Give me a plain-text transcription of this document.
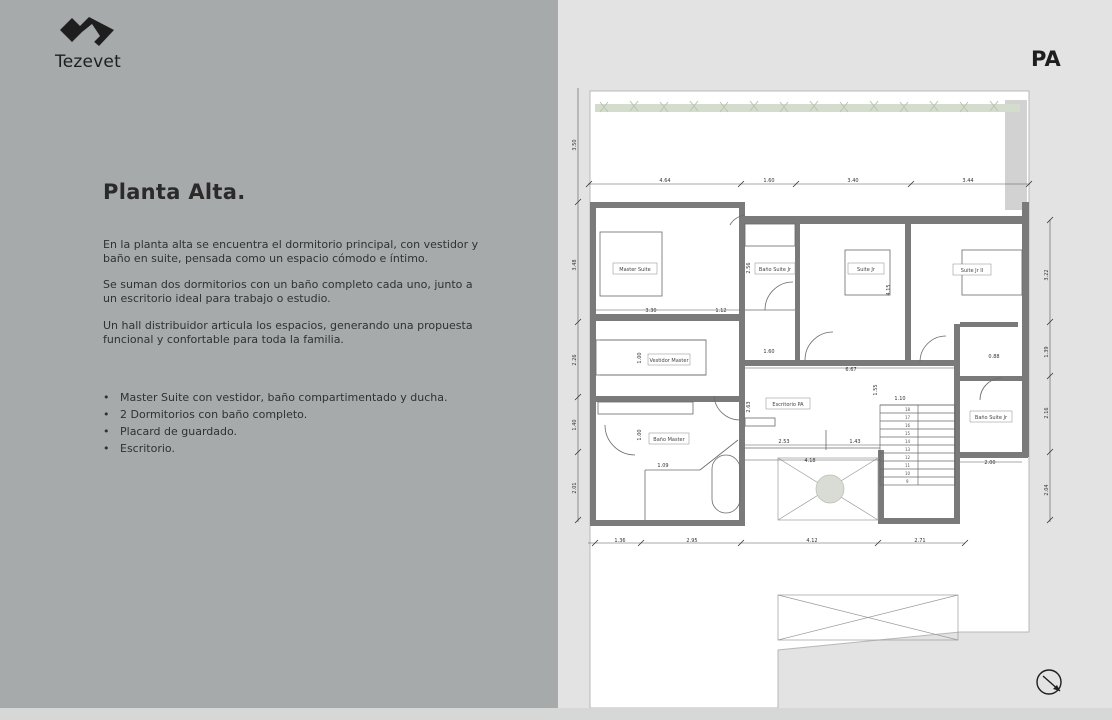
Tezevet
Planta Alta.

En la planta alta se encuentra el dormitorio principal, con vestidor y baño en suite, pensada como un espacio cómodo e íntimo.

Se suman dos dormitorios con un baño completo cada uno, junto a un escritorio ideal para trabajo o estudio.

Un hall distribuidor articula los espacios, generando una propuesta funcional y confortable para toda la familia.

• Master Suite con vestidor, baño compartimentado y ducha.
• 2 Dormitorios con baño completo.
• Placard de guardado.
• Escritorio.
PA
18
17
16
15
14
13
12
11
10
9
Master Suite
Vestidor Master
Baño Master
Baño Suite Jr	Suite Jr	Suite Jr II
Escritorio PA
Baño Suite Jr
4.64	1.60	3.40	3.44
1.36	2.95	4.12	2.71
3.50
3.48
2.26
1.40
2.01
3.22
1.39
2.16
2.04
3.30	1.12
1.00
1.00
1.09
2.56
4.15
1.60
6.67
1.55
1.10
0.88
2.63
2.53	1.43
4.18	2.00
